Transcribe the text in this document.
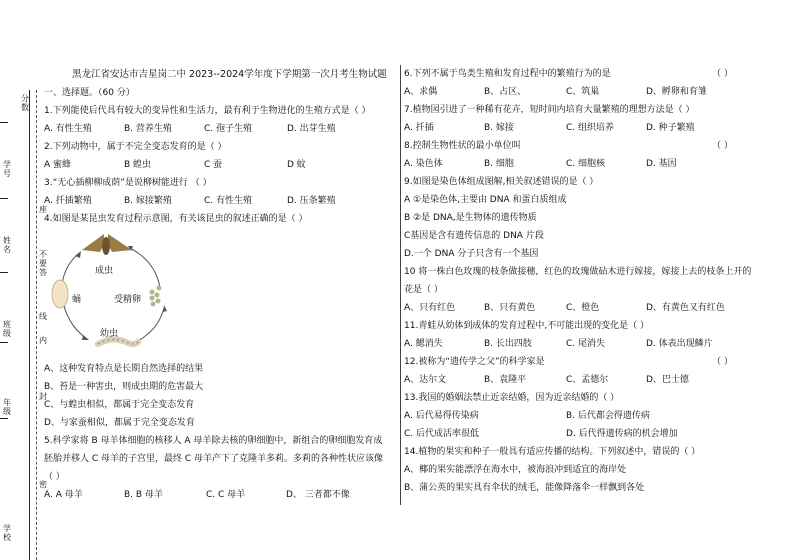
分数
学号
座
姓名
不要答
班级
内
线
年级
封
密
学校
黑龙江省安达市吉星岗二中 2023--2024学年度下学期第一次月考生物试题
一、选择题。（60 分）
1.下列能使后代具有较大的变异性和生活力，最有利于生物进化的生殖方式是（ ）
A. 有性生殖	B. 营养生殖	C. 孢子生殖	D. 出芽生殖
2.下列动物中，属于不完全变态发育的是（ ）
A 蜜蜂	B 蝗虫	C 蚕	D 蚊
3.“无心插柳柳成荫”是说柳树能进行 （ ）
A. 扦插繁殖	B. 嫁接繁殖	C. 有性生殖	D. 压条繁殖
4.如图是某昆虫发育过程示意图，有关该昆虫的叙述正确的是（ ）
成虫
蛹	受精卵
幼虫
A、这种发育特点是长期自然选择的结果
B、苔是一种害虫，则成虫期的危害最大
C、与蝗虫相似，都属于完全变态发育
D、与家蚕相似，都属于完全变态发育
5.科学家将 B 母羊体细胞的核移人 A 母羊除去核的卵细胞中，新组合的卵细胞发育成
胚胎并移人 C 母羊的子宫里，最终 C 母羊产下了克隆羊多莉。多莉的各种性状应该像
（ ）
A. A 母羊	B. B 母羊	C. C 母羊	D、 三者都不像
6.下列不属于鸟类生殖和发育过程中的繁殖行为的是	（ ）
A、求偶	B、占区、	C、筑巢	D、孵卵和育雏
7.植物园引进了一种稀有花卉，短时间内培育大量繁殖的理想方法是（ ）
A. 扦插	B. 嫁接	C. 组织培养	D. 种子繁殖
8.控制生物性状的最小单位叫	（ ）
A. 染色体	B. 细胞	C. 细胞核	D. 基因
9.如图是染色体组成图解,相关叙述错误的是（ ）
A ①是染色体,主要由 DNA 和蛋白质组成
B ②是 DNA,是生物体的遗传物质
C基因是含有遗传信息的 DNA 片段
D.一个 DNA 分子只含有一个基因
10 将一株白色玫瑰的枝条做接穗，红色的玫瑰做砧木进行嫁接，嫁接上去的枝条上开的
花是（ ）
A、只有红色	B、只有黄色	C、橙色	D、有黄色又有红色
11.青蛙从幼体到成体的发育过程中,不可能出现的变化是（ ）
A. 鳃消失	B. 长出四肢	C. 尾消失	D. 体表出现鳞片
12.被称为“遗传学之父”的科学家是	（ ）
A、达尔文	B、袁隆平	C、孟德尔	D、巴士德
13.我国的婚姻法禁止近亲结婚，因为近亲结婚的（ ）
A. 后代易得传染病	B. 后代都会得遗传病
C. 后代成活率很低	D. 后代得遗传病的机会增加
14.植物的果实和种子一般具有适应传播的结构。下列叙述中，错误的（ ）
A、椰的果实能漂浮在海水中，被海浪冲到适宜的海岸处
B、蒲公英的果实具有伞状的绒毛，能像降落伞一样飘到各处
